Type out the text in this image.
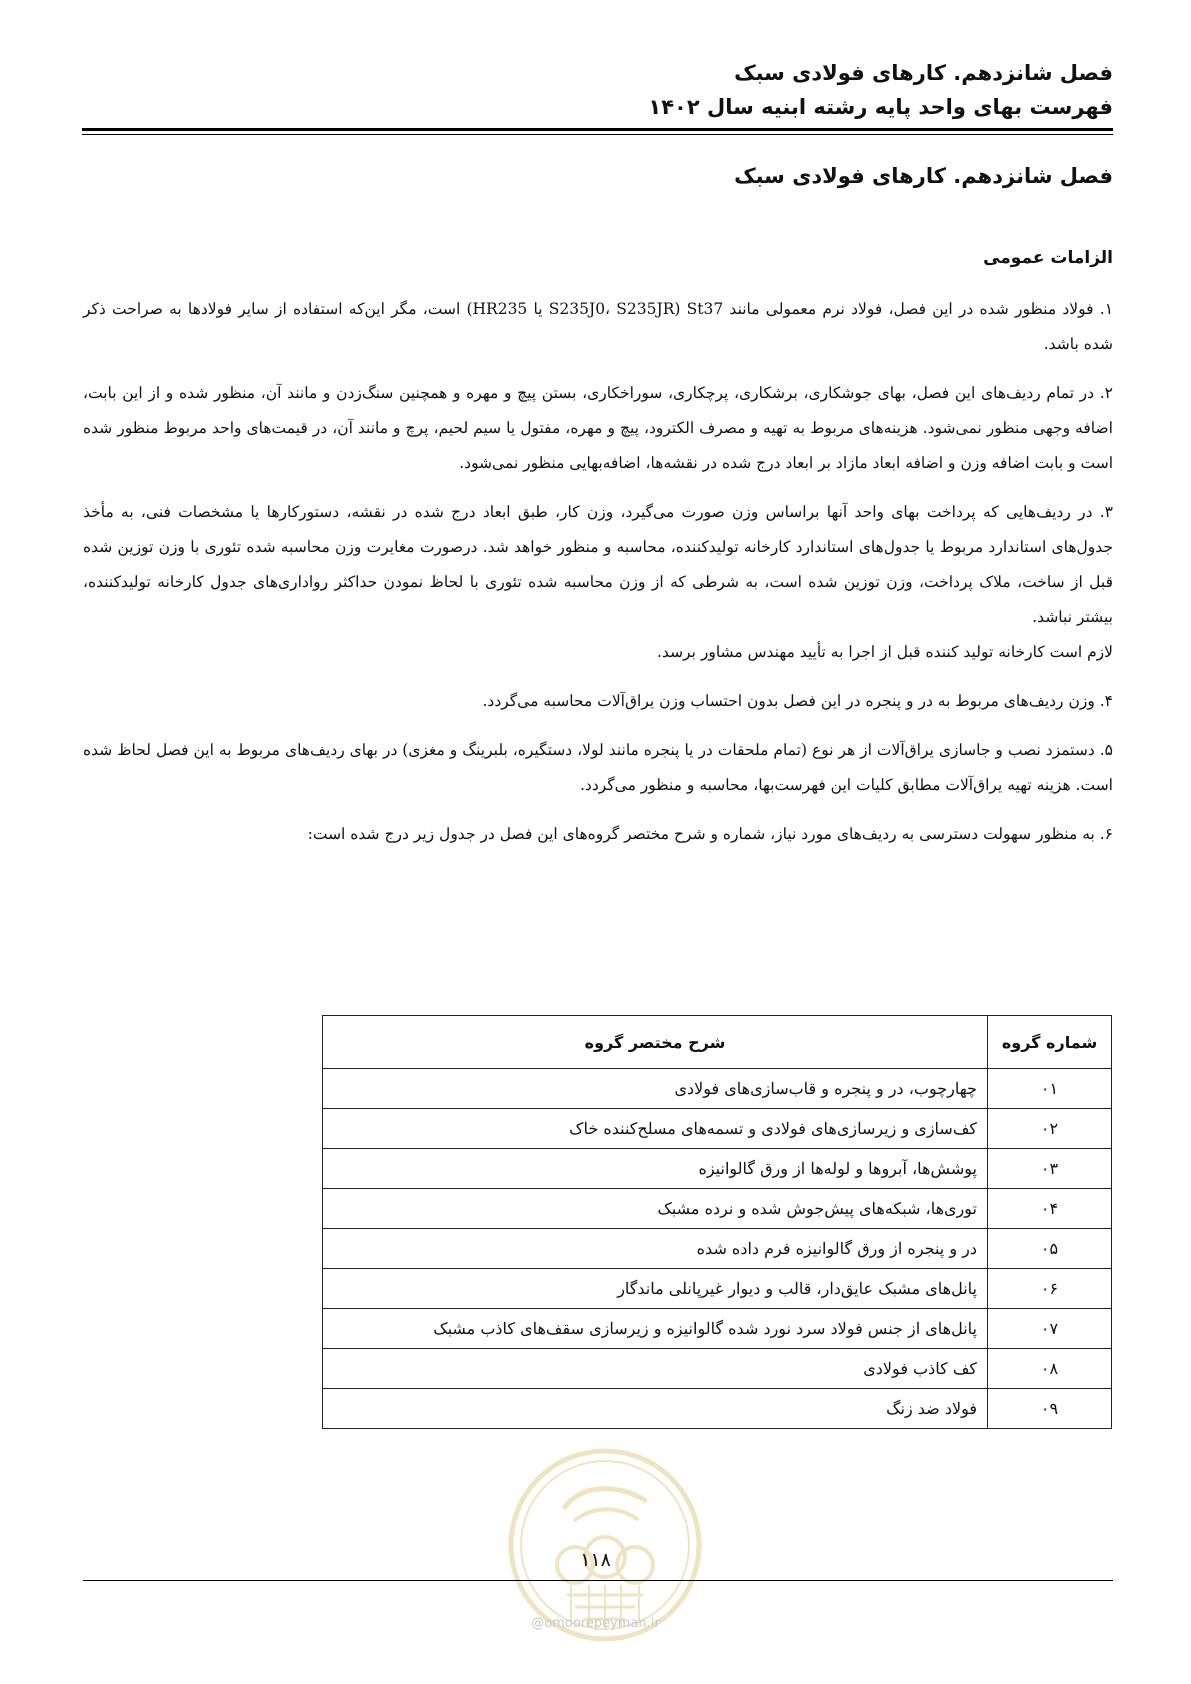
فصل شانزدهم. کارهای فولادی سبک
فهرست بهای واحد پایه رشته ابنیه سال ۱۴۰۲
فصل شانزدهم. کارهای فولادی سبک
الزامات عمومی

۱. فولاد منظور شده در این فصل، فولاد نرم معمولی مانند St37 (S235J0، S235JR یا HR235) است، مگر این‌که استفاده از سایر فولادها به صراحت ذکر شده باشد.

۲. در تمام ردیف‌های این فصل، بهای جوشکاری، برشکاری، پرچکاری، سوراخکاری، بستن پیچ و مهره و همچنین سنگ‌زدن و مانند آن، منظور شده و از این بابت، اضافه وجهی منظور نمی‌شود. هزینه‌های مربوط به تهیه و مصرف الکترود، پیچ و مهره، مفتول یا سیم لحیم، پرچ و مانند آن، در قیمت‌های واحد مربوط منظور شده است و بابت اضافه وزن و اضافه ابعاد مازاد بر ابعاد درج شده در نقشه‌ها، اضافه‌بهایی منظور نمی‌شود.

۳. در ردیف‌هایی که پرداخت بهای واحد آنها براساس وزن صورت می‌گیرد، وزن کار، طبق ابعاد درج شده در نقشه، دستورکارها یا مشخصات فنی، به مأخذ جدول‌های استاندارد مربوط یا جدول‌های استاندارد کارخانه تولیدکننده، محاسبه و منظور خواهد شد. درصورت مغایرت وزن محاسبه شده تئوری با وزن توزین شده قبل از ساخت، ملاک پرداخت، وزن توزین شده است، به شرطی که از وزن محاسبه شده تئوری با لحاظ نمودن حداکثر رواداری‌های جدول کارخانه تولیدکننده، بیشتر نباشد.

لازم است کارخانه تولید کننده قبل از اجرا به تأیید مهندس مشاور برسد.

۴. وزن ردیف‌های مربوط به در و پنجره در این فصل بدون احتساب وزن یراق‌آلات محاسبه می‌گردد.

۵. دستمزد نصب و جاسازی یراق‌آلات از هر نوع (تمام ملحقات در یا پنجره مانند لولا، دستگیره، بلبرینگ و مغزی) در بهای ردیف‌های مربوط به این فصل لحاظ شده است. هزینه تهیه یراق‌آلات مطابق کلیات این فهرست‌بها، محاسبه و منظور می‌گردد.

۶. به منظور سهولت دسترسی به ردیف‌های مورد نیاز، شماره و شرح مختصر گروه‌های این فصل در جدول زیر درج شده است:

شماره گروه	شرح مختصر گروه
۰۱	چهارچوب، در و پنجره و قاب‌سازی‌های فولادی
۰۲	کف‌سازی و زیرسازی‌های فولادی و تسمه‌های مسلح‌کننده خاک
۰۳	پوشش‌ها، آبروها و لوله‌ها از ورق گالوانیزه
۰۴	توری‌ها، شبکه‌های پیش‌جوش شده و نرده مشبک
۰۵	در و پنجره از ورق گالوانیزه فرم داده شده
۰۶	پانل‌های مشبک عایق‌دار، قالب و دیوار غیرپانلی ماندگار
۰۷	پانل‌های از جنس فولاد سرد نورد شده گالوانیزه و زیرسازی سقف‌های کاذب مشبک
۰۸	کف کاذب فولادی
۰۹	فولاد ضد زنگ
۱۱۸
@omoorepeyman.ir
